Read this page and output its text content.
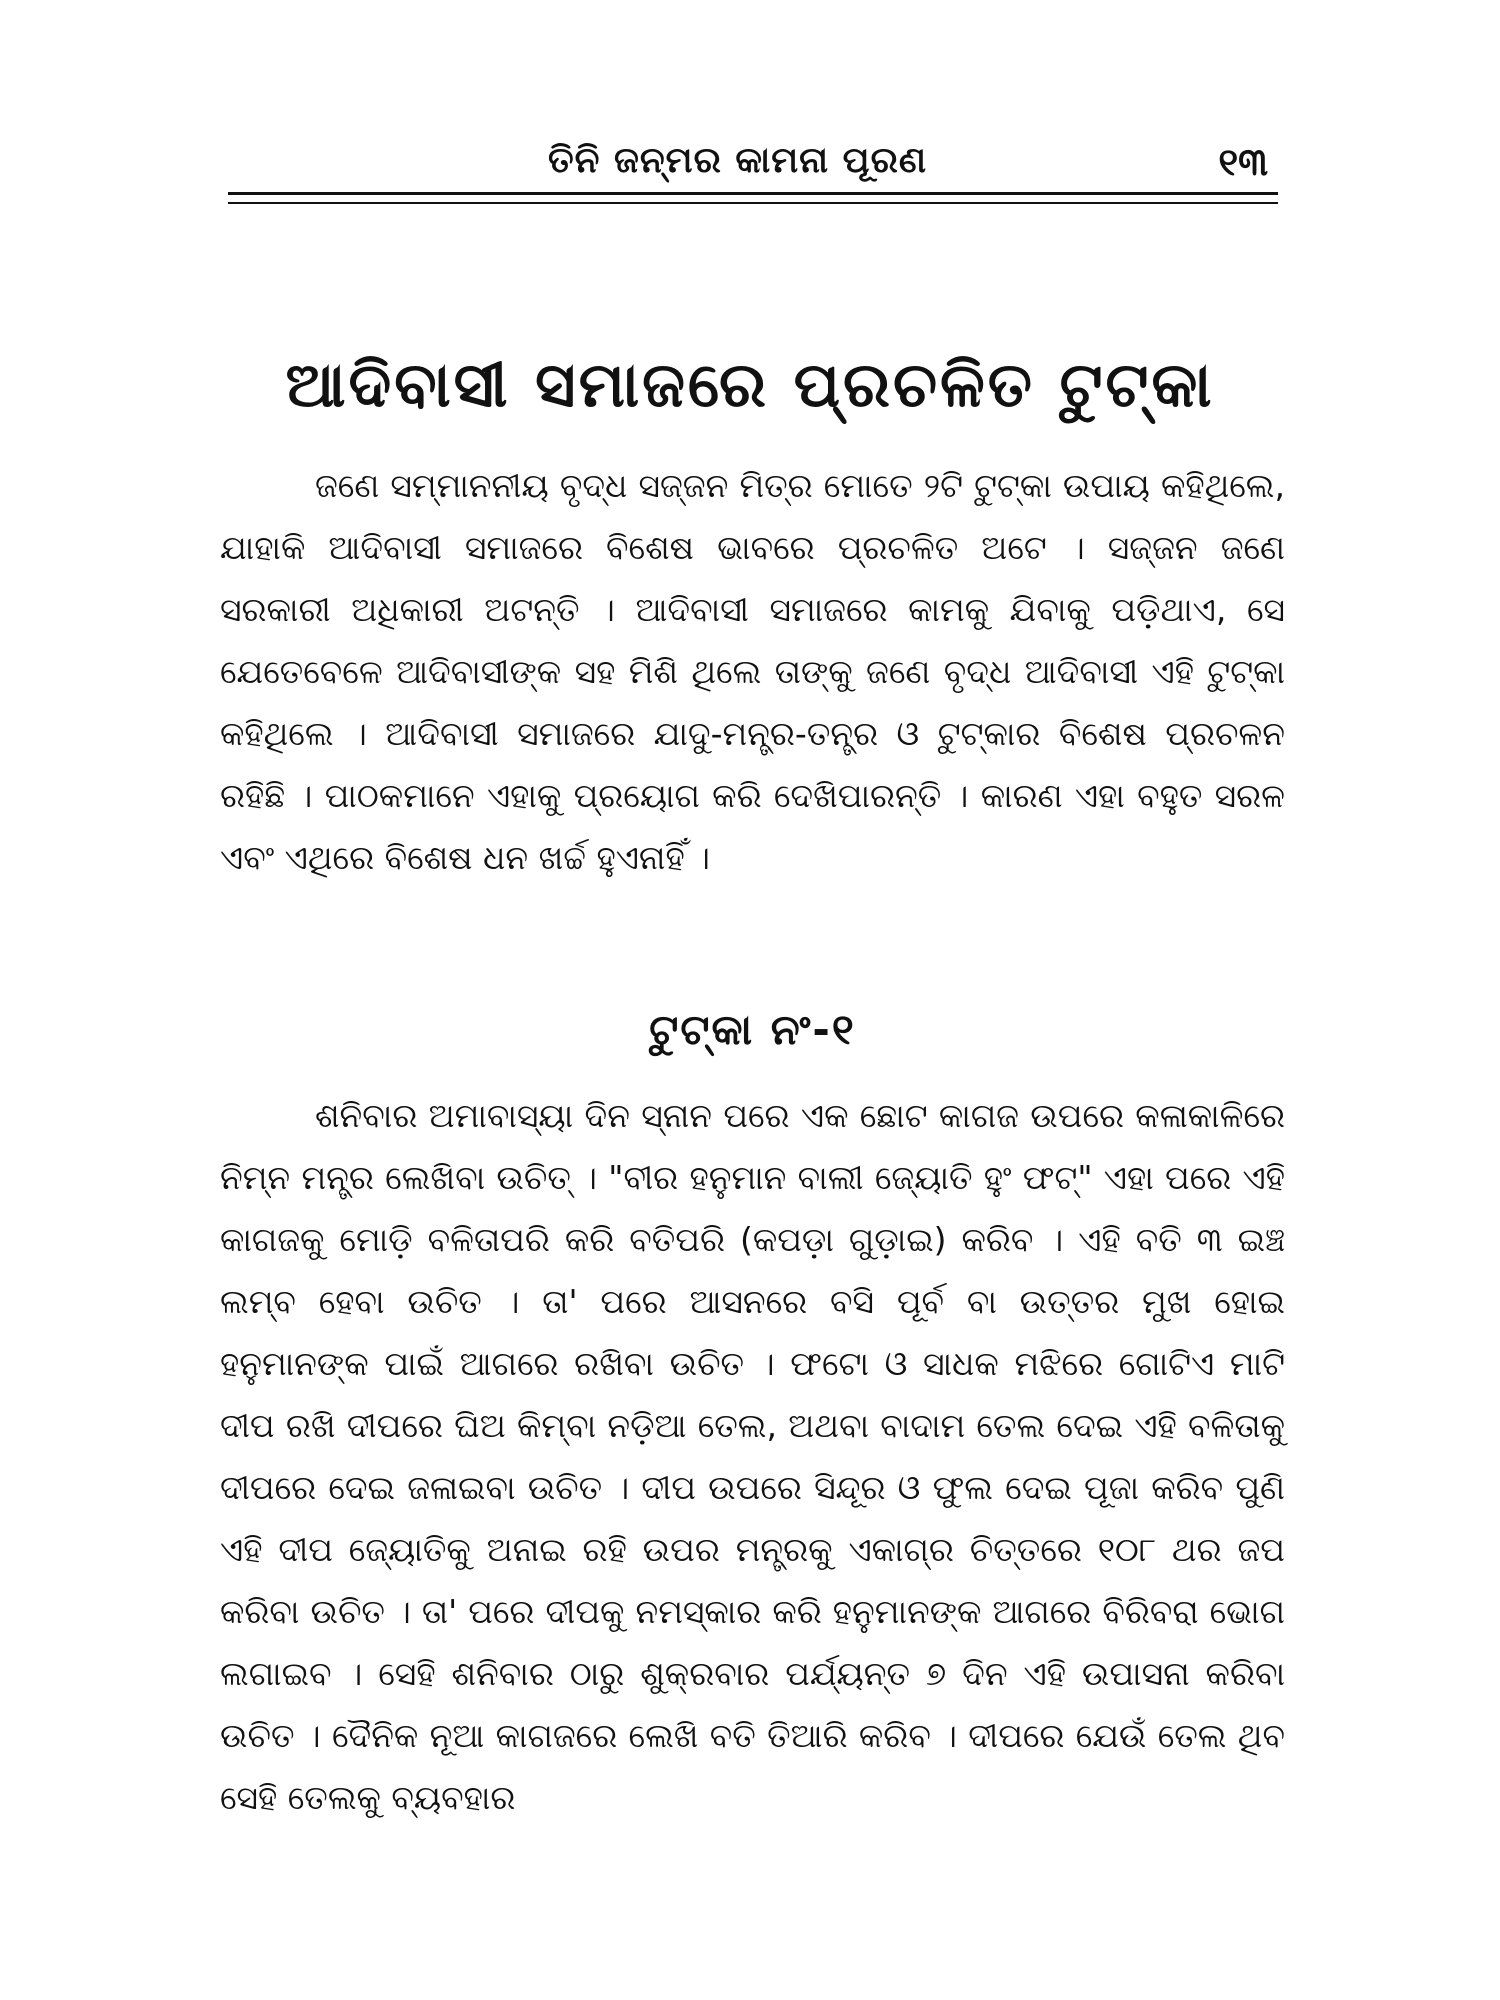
ତିନି ଜନ୍ମର କାମନା ପୂରଣ	୧୩
ଆଦିବାସୀ ସମାଜରେ ପ୍ରଚଳିତ ଟୁଟ୍‌କା

ଜଣେ ସମ୍ମାନନୀୟ ବୃଦ୍ଧ ସଜ୍ଜନ ମିତ୍ର ମୋତେ ୨ଟି ଟୁଟ୍‌କା ଉପାୟ କହିଥିଲେ, ଯାହାକି ଆଦିବାସୀ ସମାଜରେ ବିଶେଷ ଭାବରେ ପ୍ରଚଳିତ ଅଟେ । ସଜ୍ଜନ ଜଣେ ସରକାରୀ ଅଧିକାରୀ ଅଟନ୍ତି । ଆଦିବାସୀ ସମାଜରେ କାମକୁ ଯିବାକୁ ପଡ଼ିଥାଏ, ସେ ଯେତେବେଳେ ଆଦିବାସୀଙ୍କ ସହ ମିଶି ଥିଲେ ତାଙ୍କୁ ଜଣେ ବୃଦ୍ଧ ଆଦିବାସୀ ଏହି ଟୁଟ୍‌କା କହିଥିଲେ । ଆଦିବାସୀ ସମାଜରେ ଯାଦୁ-ମନ୍ତ୍ର-ତନ୍ତ୍ର ଓ ଟୁଟ୍‌କାର ବିଶେଷ ପ୍ରଚଳନ ରହିଛି । ପାଠକମାନେ ଏହାକୁ ପ୍ରୟୋଗ କରି ଦେଖିପାରନ୍ତି । କାରଣ ଏହା ବହୁତ ସରଳ ଏବଂ ଏଥିରେ ବିଶେଷ ଧନ ଖର୍ଚ୍ଚ ହୁଏନାହିଁ ।

ଟୁଟ୍‌କା ନଂ-୧

ଶନିବାର ଅମାବାସ୍ୟା ଦିନ ସ୍ନାନ ପରେ ଏକ ଛୋଟ କାଗଜ ଉପରେ କଳାକାଳିରେ ନିମ୍ନ ମନ୍ତ୍ର ଲେଖିବା ଉଚିତ୍ । "ବୀର ହନୁମାନ ବାଲୀ ଜ୍ୟୋତି ହୁଂ ଫଟ୍" ଏହା ପରେ ଏହି କାଗଜକୁ ମୋଡ଼ି ବଳିତାପରି କରି ବତିପରି (କପଡ଼ା ଗୁଡ଼ାଇ) କରିବ । ଏହି ବତି ୩ ଇଞ୍ଚ ଲମ୍ବ ହେବା ଉଚିତ । ତା' ପରେ ଆସନରେ ବସି ପୂର୍ବ ବା ଉତ୍ତର ମୁଖ ହୋଇ ହନୁମାନଙ୍କ ପାଇଁ ଆଗରେ ରଖିବା ଉଚିତ । ଫଟୋ ଓ ସାଧକ ମଝିରେ ଗୋଟିଏ ମାଟି ଦୀପ ରଖି ଦୀପରେ ଘିଅ କିମ୍ବା ନଡ଼ିଆ ତେଲ, ଅଥବା ବାଦାମ ତେଲ ଦେଇ ଏହି ବଳିତାକୁ ଦୀପରେ ଦେଇ ଜଳାଇବା ଉଚିତ । ଦୀପ ଉପରେ ସିନ୍ଦୂର ଓ ଫୁଲ ଦେଇ ପୂଜା କରିବ ପୁଣି ଏହି ଦୀପ ଜ୍ୟୋତିକୁ ଅନାଇ ରହି ଉପର ମନ୍ତ୍ରକୁ ଏକାଗ୍ର ଚିତ୍ତରେ ୧୦୮ ଥର ଜପ କରିବା ଉଚିତ । ତା' ପରେ ଦୀପକୁ ନମସ୍କାର କରି ହନୁମାନଙ୍କ ଆଗରେ ବିରିବରା ଭୋଗ ଲଗାଇବ । ସେହି ଶନିବାର ଠାରୁ ଶୁକ୍ରବାର ପର୍ଯ୍ୟନ୍ତ ୭ ଦିନ ଏହି ଉପାସନା କରିବା ଉଚିତ । ଦୈନିକ ନୂଆ କାଗଜରେ ଲେଖି ବତି ତିଆରି କରିବ । ଦୀପରେ ଯେଉଁ ତେଲ ଥିବ ସେହି ତେଲକୁ ବ୍ୟବହାର
